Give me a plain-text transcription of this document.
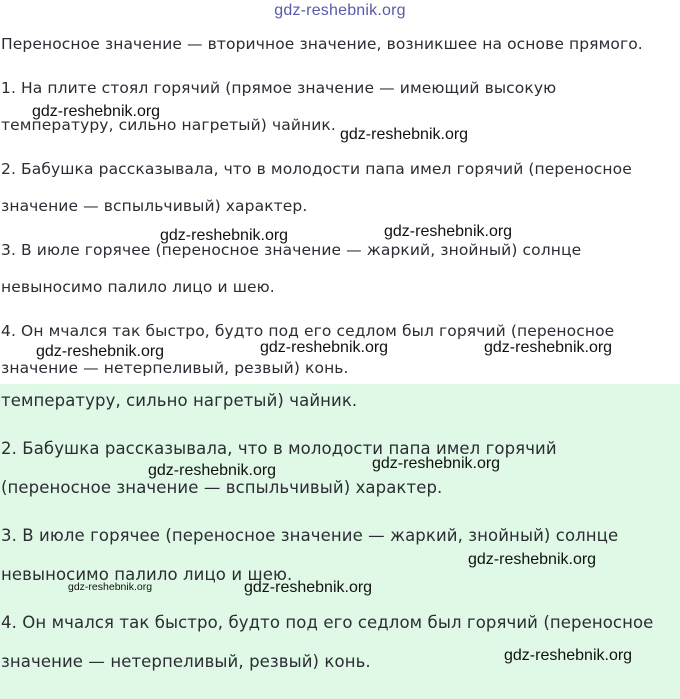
gdz-reshebnik.org
Переносное значение — вторичное значение, возникшее на основе прямого.
1. На плите стоял горячий (прямое значение — имеющий высокую
температуру, сильно нагретый) чайник.
2. Бабушка рассказывала, что в молодости папа имел горячий (переносное
значение — вспыльчивый) характер.
3. В июле горячее (переносное значение — жаркий, знойный) солнце
невыносимо палило лицо и шею.
4. Он мчался так быстро, будто под его седлом был горячий (переносное
значение — нетерпеливый, резвый) конь.
температуру, сильно нагретый) чайник.
2. Бабушка рассказывала, что в молодости папа имел горячий
(переносное значение — вспыльчивый) характер.
3. В июле горячее (переносное значение — жаркий, знойный) солнце
невыносимо палило лицо и шею.
4. Он мчался так быстро, будто под его седлом был горячий (переносное
значение — нетерпеливый, резвый) конь.
gdz-reshebnik.org
gdz-reshebnik.org
gdz-reshebnik.org	gdz-reshebnik.org
gdz-reshebnik.org	gdz-reshebnik.org	gdz-reshebnik.org
gdz-reshebnik.org	gdz-reshebnik.org
gdz-reshebnik.org
gdz-reshebnik.org	gdz-reshebnik.org
gdz-reshebnik.org
